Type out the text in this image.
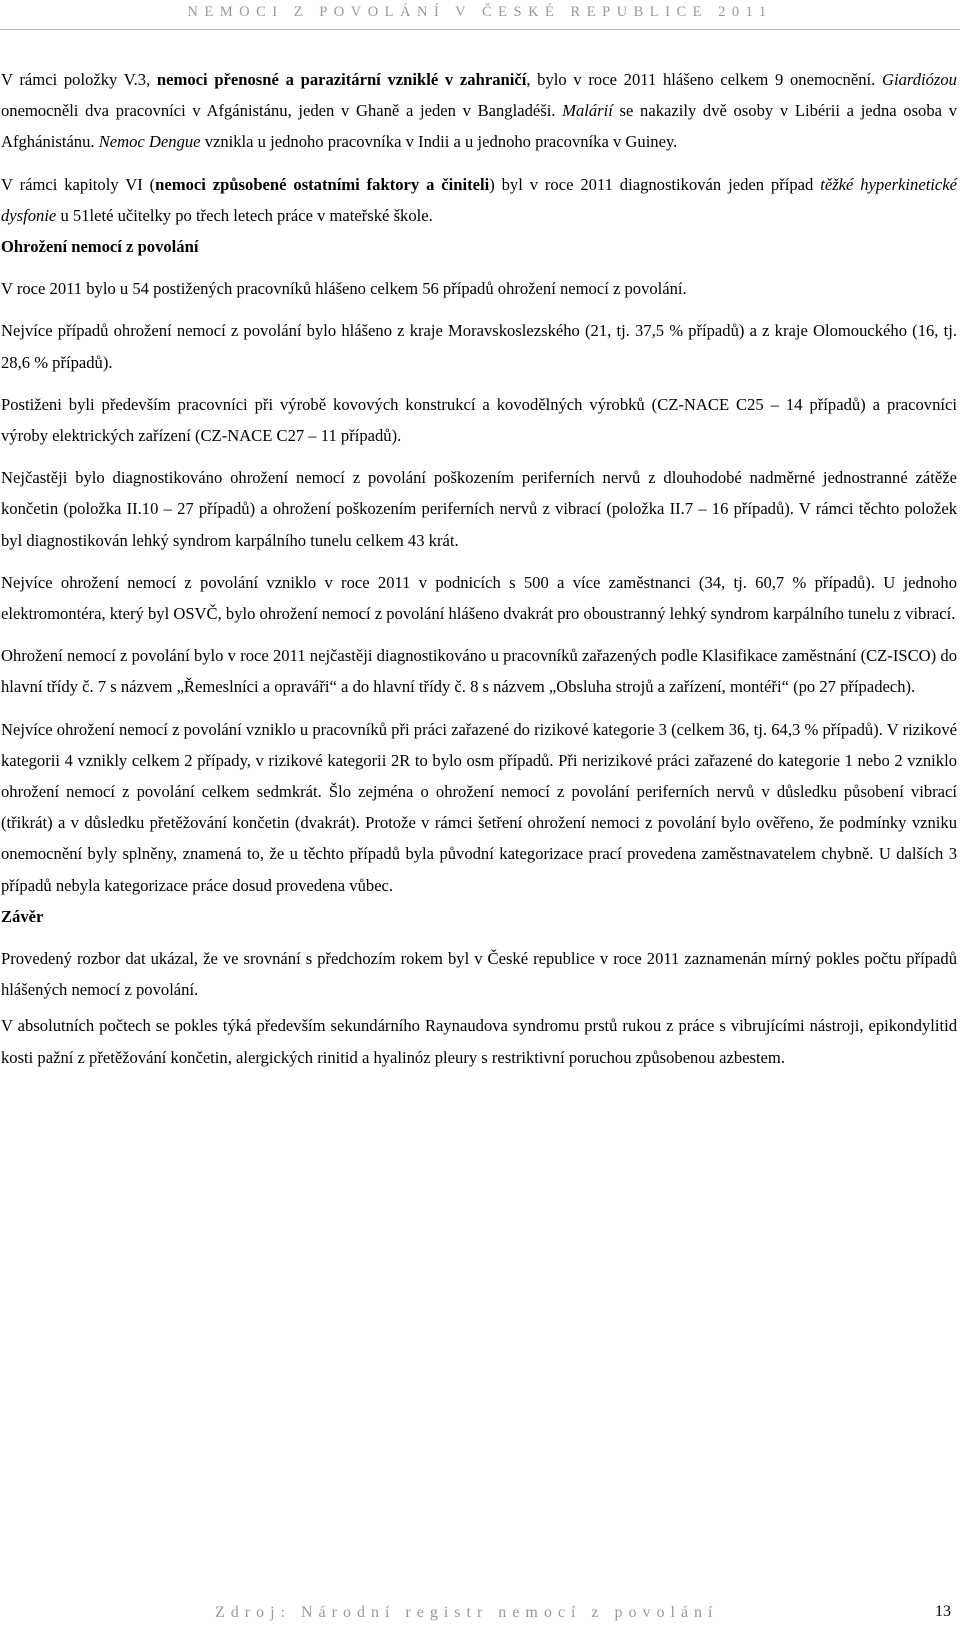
NEMOCI Z POVOLÁNÍ V ČESKÉ REPUBLICE 2011

V rámci položky V.3, nemoci přenosné a parazitární vzniklé v zahraničí, bylo v roce 2011 hlášeno celkem 9 onemocnění. Giardiózou onemocněli dva pracovníci v Afgánistánu, jeden v Ghaně a jeden v Bangladéši. Malárií se nakazily dvě osoby v Libérii a jedna osoba v Afghánistánu. Nemoc Dengue vznikla u jednoho pracovníka v Indii a u jednoho pracovníka v Guiney.

V rámci kapitoly VI (nemoci způsobené ostatními faktory a činiteli) byl v roce 2011 diagnostikován jeden případ těžké hyperkinetické dysfonie u 51leté učitelky po třech letech práce v mateřské škole.

Ohrožení nemocí z povolání

V roce 2011 bylo u 54 postižených pracovníků hlášeno celkem 56 případů ohrožení nemocí z povolání.

Nejvíce případů ohrožení nemocí z povolání bylo hlášeno z kraje Moravskoslezského (21, tj. 37,5 % případů) a z kraje Olomouckého (16, tj. 28,6 % případů).

Postiženi byli především pracovníci při výrobě kovových konstrukcí a kovodělných výrobků (CZ-NACE C25 – 14 případů) a pracovníci výroby elektrických zařízení (CZ-NACE C27 – 11 případů).

Nejčastěji bylo diagnostikováno ohrožení nemocí z povolání poškozením periferních nervů z dlouhodobé nadměrné jednostranné zátěže končetin (položka II.10 – 27 případů) a ohrožení poškozením periferních nervů z vibrací (položka II.7 – 16 případů). V rámci těchto položek byl diagnostikován lehký syndrom karpálního tunelu celkem 43 krát.

Nejvíce ohrožení nemocí z povolání vzniklo v roce 2011 v podnicích s 500 a více zaměstnanci (34, tj. 60,7 % případů). U jednoho elektromontéra, který byl OSVČ, bylo ohrožení nemocí z povolání hlášeno dvakrát pro oboustranný lehký syndrom karpálního tunelu z vibrací.

Ohrožení nemocí z povolání bylo v roce 2011 nejčastěji diagnostikováno u pracovníků zařazených podle Klasifikace zaměstnání (CZ-ISCO) do hlavní třídy č. 7 s názvem „Řemeslníci a opraváři“ a do hlavní třídy č. 8 s názvem „Obsluha strojů a zařízení, montéři“ (po 27 případech).

Nejvíce ohrožení nemocí z povolání vzniklo u pracovníků při práci zařazené do rizikové kategorie 3 (celkem 36, tj. 64,3 % případů). V rizikové kategorii 4 vznikly celkem 2 případy, v rizikové kategorii 2R to bylo osm případů. Při nerizikové práci zařazené do kategorie 1 nebo 2 vzniklo ohrožení nemocí z povolání celkem sedmkrát. Šlo zejména o ohrožení nemocí z povolání periferních nervů v důsledku působení vibrací (třikrát) a v důsledku přetěžování končetin (dvakrát). Protože v rámci šetření ohrožení nemoci z povolání bylo ověřeno, že podmínky vzniku onemocnění byly splněny, znamená to, že u těchto případů byla původní kategorizace prací provedena zaměstnavatelem chybně. U dalších 3 případů nebyla kategorizace práce dosud provedena vůbec.

Závěr

Provedený rozbor dat ukázal, že ve srovnání s předchozím rokem byl v České republice v roce 2011 zaznamenán mírný pokles počtu případů hlášených nemocí z povolání.

V absolutních počtech se pokles týká především sekundárního Raynaudova syndromu prstů rukou z práce s vibrujícími nástroji, epikondylitid kosti pažní z přetěžování končetin, alergických rinitid a hyalinóz pleury s restriktivní poruchou způsobenou azbestem.

Zdroj: Národní registr nemocí z povolání	13
